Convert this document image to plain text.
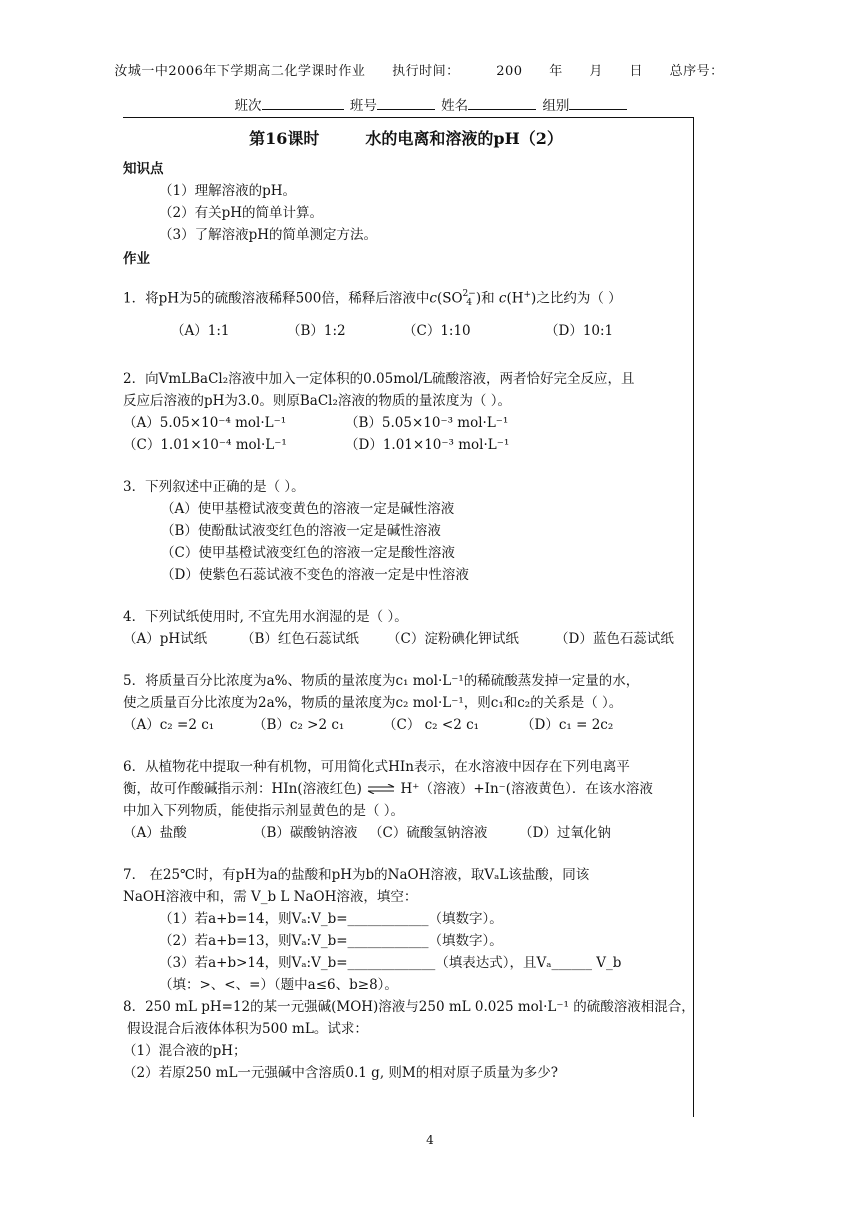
汝城一中2006年下学期高二化学课时作业 执行时间：	200 年 月 日 总序号：
班次	班号	姓名	组别
第16课时	水的电离和溶液的pH（2）
知识点
（1）理解溶液的pH。
（2）有关pH的简单计算。
（3）了解溶液pH的简单测定方法。
作业
1．将pH为5的硫酸溶液稀释500倍，稀释后溶液中c(SO2−
4 )和 c(H+)之比约为（ ）
（A）1:1	（B）1:2	（C）1:10	（D）10:1
2．向VmLBaCl₂溶液中加入一定体积的0.05mol/L硫酸溶液，两者恰好完全反应，且
反应后溶液的pH为3.0。则原BaCl₂溶液的物质的量浓度为（ ）。
（A）5.05×10⁻⁴ mol·L⁻¹	（B）5.05×10⁻³ mol·L⁻¹
（C）1.01×10⁻⁴ mol·L⁻¹	（D）1.01×10⁻³ mol·L⁻¹
3．下列叙述中正确的是（ ）。
（A）使甲基橙试液变黄色的溶液一定是碱性溶液
（B）使酚酞试液变红色的溶液一定是碱性溶液
（C）使甲基橙试液变红色的溶液一定是酸性溶液
（D）使紫色石蕊试液不变色的溶液一定是中性溶液
4．下列试纸使用时, 不宜先用水润湿的是（ ）。
（A）pH试纸	（B）红色石蕊试纸	（C）淀粉碘化钾试纸	（D）蓝色石蕊试纸
5．将质量百分比浓度为a%、物质的量浓度为c₁ mol·L⁻¹的稀硫酸蒸发掉一定量的水，
使之质量百分比浓度为2a%，物质的量浓度为c₂ mol·L⁻¹，则c₁和c₂的关系是（ ）。
（A）c₂ =2 c₁	（B）c₂ >2 c₁	（C） c₂ <2 c₁	（D）c₁ = 2c₂
6．从植物花中提取一种有机物，可用简化式HIn表示，在水溶液中因存在下列电离平
衡，故可作酸碱指示剂：HIn(溶液红色) ⇌ H⁺（溶液）+In⁻(溶液黄色）．在该水溶液
中加入下列物质，能使指示剂显黄色的是（ ）。
（A）盐酸	（B）碳酸钠溶液 （C）硫酸氢钠溶液	（D）过氧化钠
7． 在25℃时，有pH为a的盐酸和pH为b的NaOH溶液，取VₐL该盐酸，同该
NaOH溶液中和，需 V_b L NaOH溶液，填空：
（1）若a+b=14，则Vₐ:V_b=____________（填数字）。
（2）若a+b=13，则Vₐ:V_b=____________（填数字）。
（3）若a+b>14，则Vₐ:V_b=_____________（填表达式），且Vₐ______ V_b
（填：>、<、=）（题中a≤6、b≥8）。
8．250 mL pH=12的某一元强碱(MOH)溶液与250 mL 0.025 mol·L⁻¹ 的硫酸溶液相混合，
假设混合后液体体积为500 mL。试求：
（1）混合液的pH；
（2）若原250 mL一元强碱中含溶质0.1 g, 则M的相对原子质量为多少?
4
